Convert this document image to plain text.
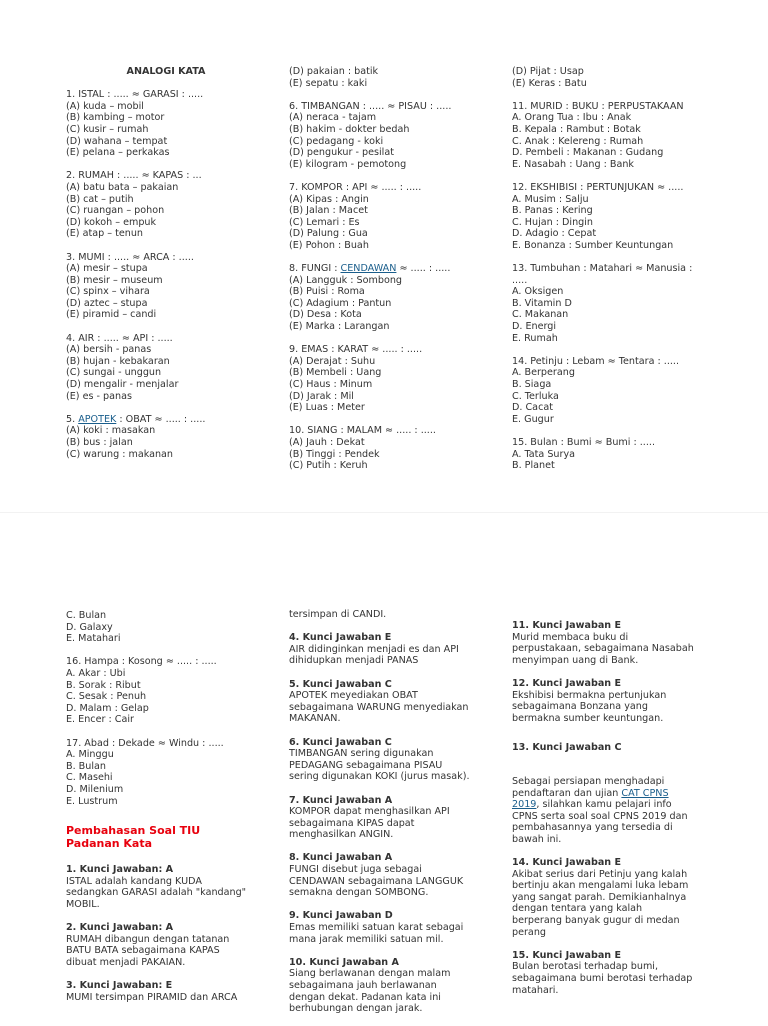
ANALOGI KATA
1. ISTAL : ..... ≈ GARASI : .....
(A) kuda – mobil
(B) kambing – motor
(C) kusir – rumah
(D) wahana – tempat
(E) pelana – perkakas
2. RUMAH : ..... ≈ KAPAS : ...
(A) batu bata – pakaian
(B) cat – putih
(C) ruangan – pohon
(D) kokoh – empuk
(E) atap – tenun
3. MUMI : ..... ≈ ARCA : .....
(A) mesir – stupa
(B) mesir – museum
(C) spinx – vihara
(D) aztec – stupa
(E) piramid – candi
4. AIR : ..... ≈ API : .....
(A) bersih - panas
(B) hujan - kebakaran
(C) sungai - unggun
(D) mengalir - menjalar
(E) es - panas
5. APOTEK : OBAT ≈ ..... : .....
(A) koki : masakan
(B) bus : jalan
(C) warung : makanan
(D) pakaian : batik
(E) sepatu : kaki
6. TIMBANGAN : ..... ≈ PISAU : .....
(A) neraca - tajam
(B) hakim - dokter bedah
(C) pedagang - koki
(D) pengukur - pesilat
(E) kilogram - pemotong
7. KOMPOR : API ≈ ..... : .....
(A) Kipas : Angin
(B) Jalan : Macet
(C) Lemari : Es
(D) Palung : Gua
(E) Pohon : Buah
8. FUNGI : CENDAWAN ≈ ..... : .....
(A) Langguk : Sombong
(B) Puisi : Roma
(C) Adagium : Pantun
(D) Desa : Kota
(E) Marka : Larangan
9. EMAS : KARAT ≈ ..... : .....
(A) Derajat : Suhu
(B) Membeli : Uang
(C) Haus : Minum
(D) Jarak : Mil
(E) Luas : Meter
10. SIANG : MALAM ≈ ..... : .....
(A) Jauh : Dekat
(B) Tinggi : Pendek
(C) Putih : Keruh
(D) Pijat : Usap
(E) Keras : Batu
11. MURID : BUKU : PERPUSTAKAAN
A. Orang Tua : Ibu : Anak
B. Kepala : Rambut : Botak
C. Anak : Kelereng : Rumah
D. Pembeli : Makanan : Gudang
E. Nasabah : Uang : Bank
12. EKSHIBISI : PERTUNJUKAN ≈ .....
A. Musim : Salju
B. Panas : Kering
C. Hujan : Dingin
D. Adagio : Cepat
E. Bonanza : Sumber Keuntungan
13. Tumbuhan : Matahari ≈ Manusia :
.....
A. Oksigen
B. Vitamin D
C. Makanan
D. Energi
E. Rumah
14. Petinju : Lebam ≈ Tentara : .....
A. Berperang
B. Siaga
C. Terluka
D. Cacat
E. Gugur
15. Bulan : Bumi ≈ Bumi : .....
A. Tata Surya
B. Planet
C. Bulan
D. Galaxy
E. Matahari
16. Hampa : Kosong ≈ ..... : .....
A. Akar : Ubi
B. Sorak : Ribut
C. Sesak : Penuh
D. Malam : Gelap
E. Encer : Cair
17. Abad : Dekade ≈ Windu : .....
A. Minggu
B. Bulan
C. Masehi
D. Milenium
E. Lustrum
Pembahasan Soal TIU
Padanan Kata
1. Kunci Jawaban: A
ISTAL adalah kandang KUDA
sedangkan GARASI adalah "kandang"
MOBIL.
2. Kunci Jawaban: A
RUMAH dibangun dengan tatanan
BATU BATA sebagaimana KAPAS
dibuat menjadi PAKAIAN.
3. Kunci Jawaban: E
MUMI tersimpan PIRAMID dan ARCA
tersimpan di CANDI.
4. Kunci Jawaban E
AIR didinginkan menjadi es dan API
dihidupkan menjadi PANAS
5. Kunci Jawaban C
APOTEK meyediakan OBAT
sebagaimana WARUNG menyediakan
MAKANAN.
6. Kunci Jawaban C
TIMBANGAN sering digunakan
PEDAGANG sebagaimana PISAU
sering digunakan KOKI (jurus masak).
7. Kunci Jawaban A
KOMPOR dapat menghasilkan API
sebagaimana KIPAS dapat
menghasilkan ANGIN.
8. Kunci Jawaban A
FUNGI disebut juga sebagai
CENDAWAN sebagaimana LANGGUK
semakna dengan SOMBONG.
9. Kunci Jawaban D
Emas memiliki satuan karat sebagai
mana jarak memiliki satuan mil.
10. Kunci Jawaban A
Siang berlawanan dengan malam
sebagaimana jauh berlawanan
dengan dekat. Padanan kata ini
berhubungan dengan jarak.
11. Kunci Jawaban E
Murid membaca buku di
perpustakaan, sebagaimana Nasabah
menyimpan uang di Bank.
12. Kunci Jawaban E
Ekshibisi bermakna pertunjukan
sebagaimana Bonzana yang
bermakna sumber keuntungan.
13. Kunci Jawaban C
Sebagai persiapan menghadapi
pendaftaran dan ujian CAT CPNS
2019, silahkan kamu pelajari info
CPNS serta soal soal CPNS 2019 dan
pembahasannya yang tersedia di
bawah ini.
14. Kunci Jawaban E
Akibat serius dari Petinju yang kalah
bertinju akan mengalami luka lebam
yang sangat parah. Demikianhalnya
dengan tentara yang kalah
berperang banyak gugur di medan
perang
15. Kunci Jawaban E
Bulan berotasi terhadap bumi,
sebagaimana bumi berotasi terhadap
matahari.
